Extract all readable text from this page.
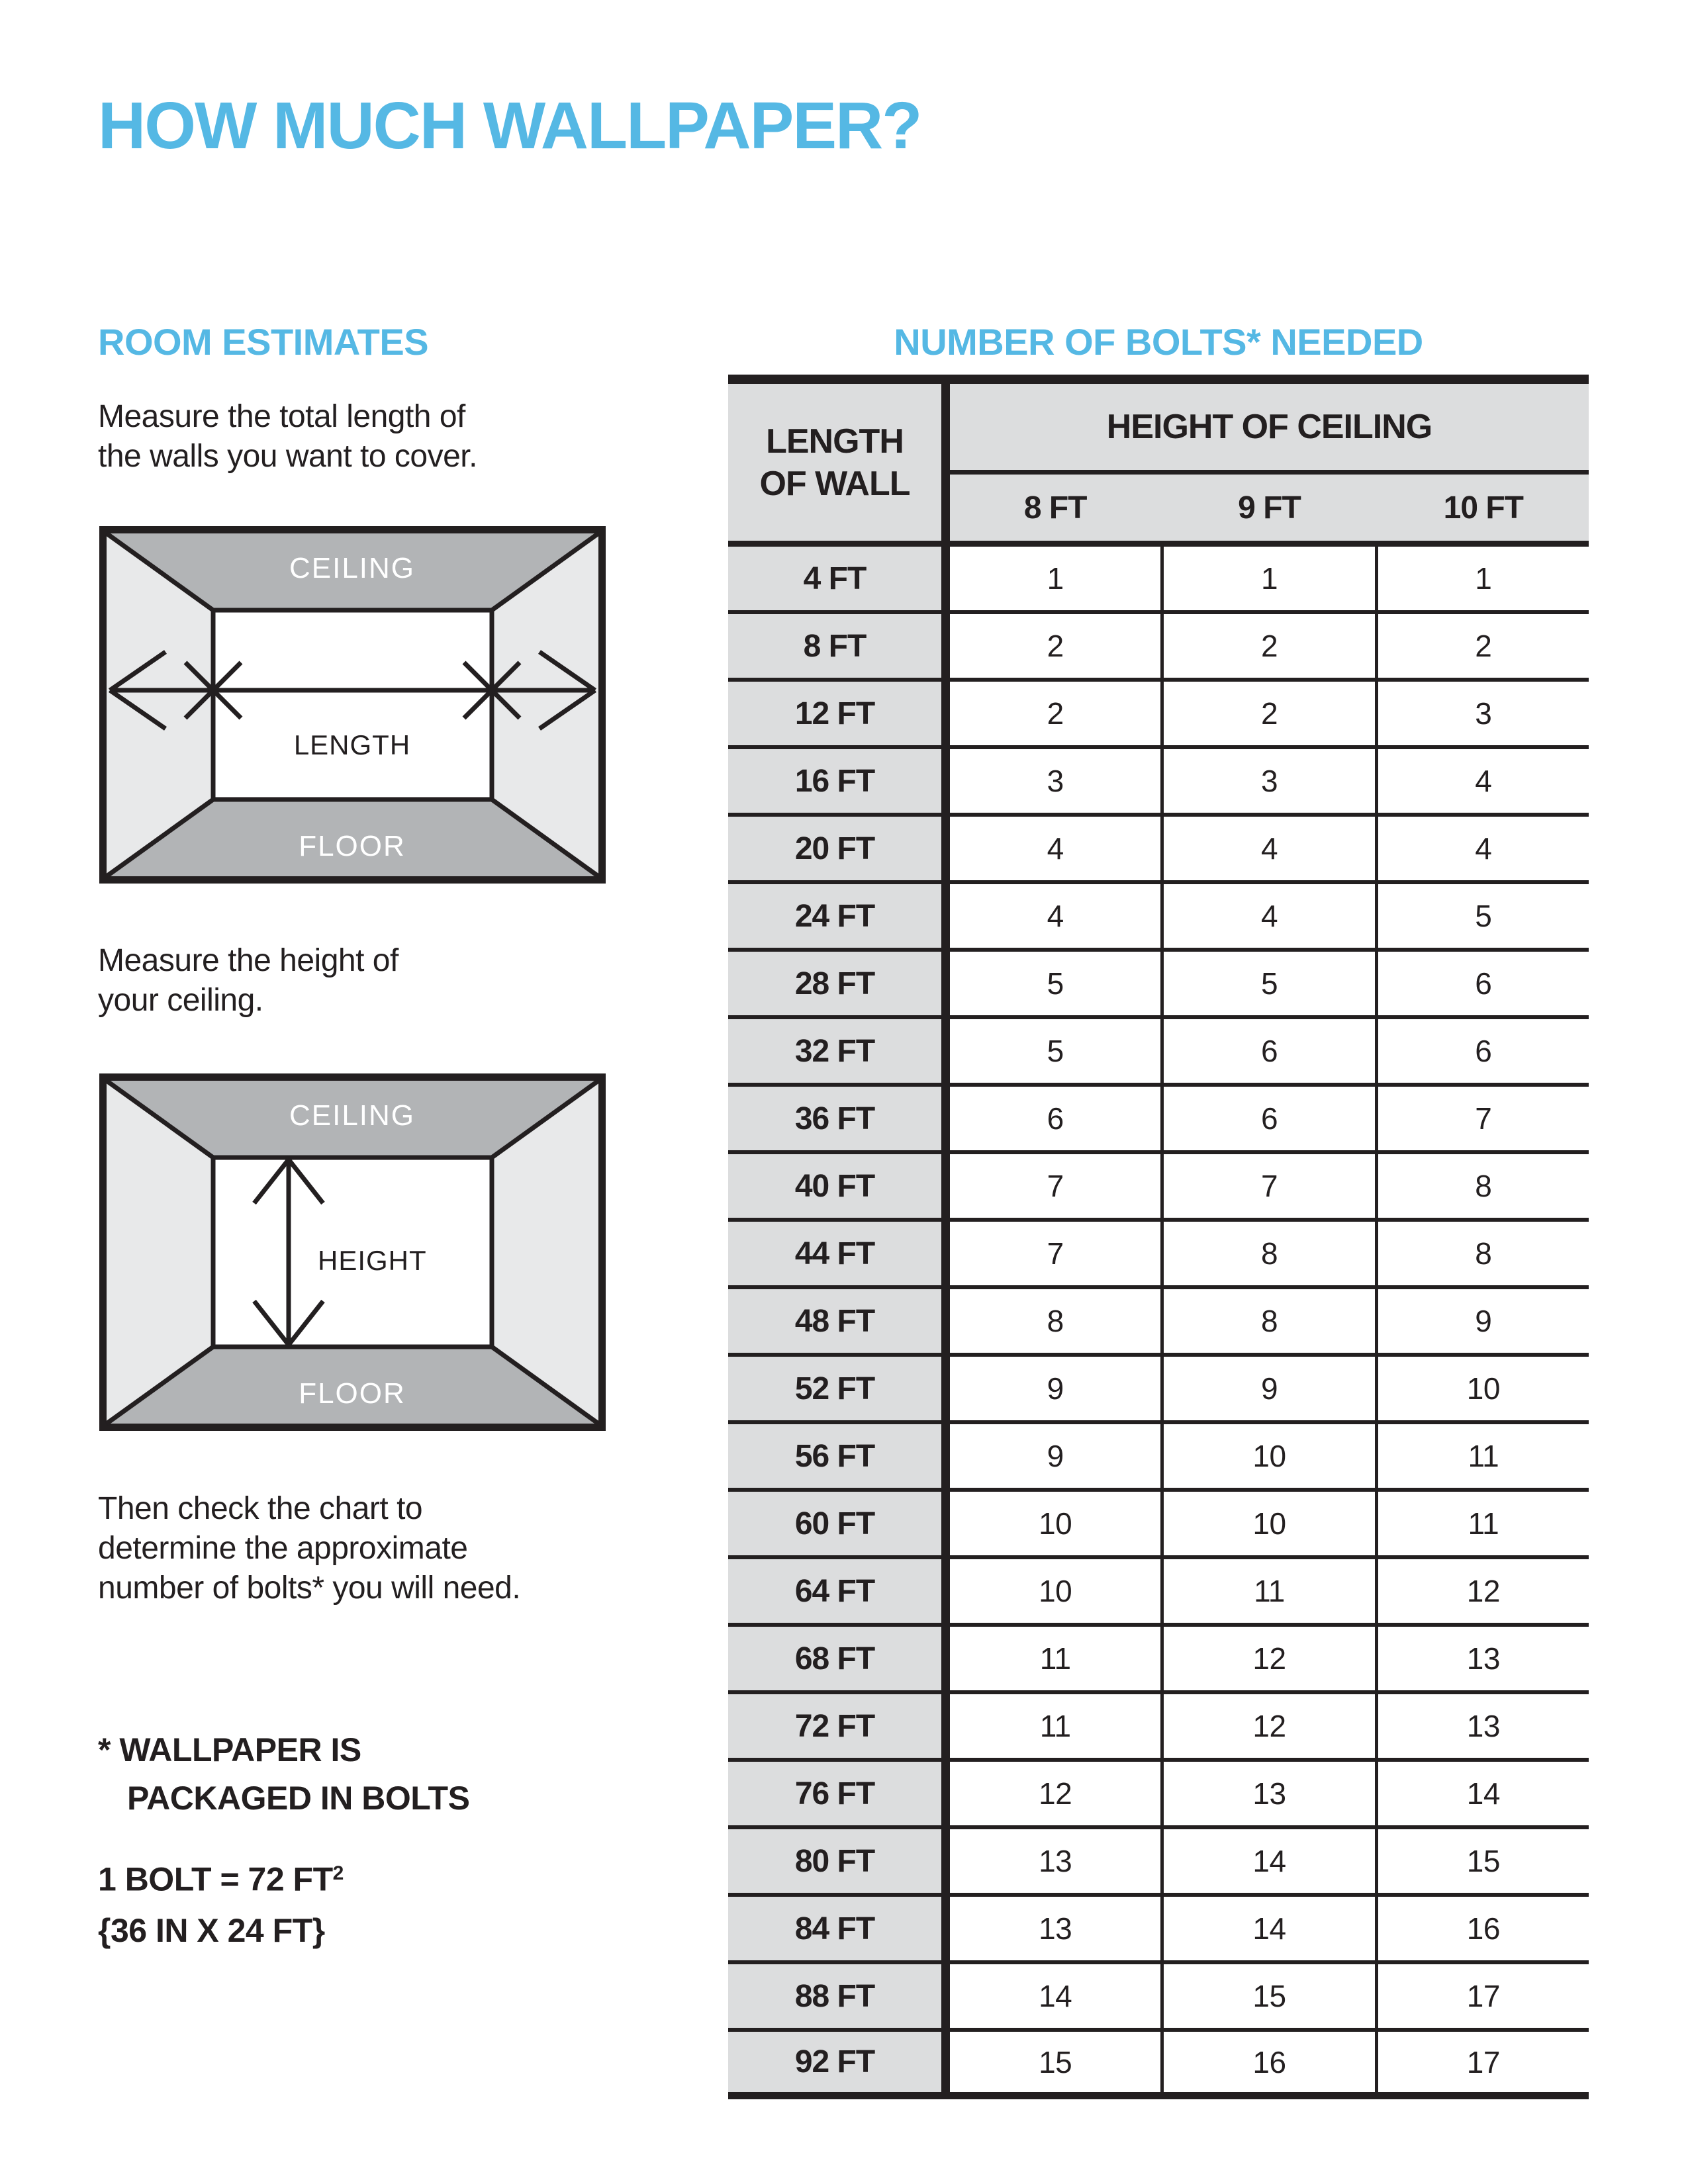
HOW MUCH WALLPAPER?
ROOM ESTIMATES
Measure the total length of
the walls you want to cover.
CEILING
FLOOR
LENGTH
Measure the height of
your ceiling.
CEILING
FLOOR
HEIGHT
Then check the chart to
determine the approximate
number of bolts* you will need.
* WALLPAPER IS
PACKAGED IN BOLTS
1 BOLT = 72 $FT^2$
{36 IN X 24 FT}
NUMBER OF BOLTS* NEEDED
LENGTH
OF WALL
HEIGHT OF CEILING
8 FT	9 FT	10 FT
4 FT	1	1	1
8 FT	2	2	2
12 FT	2	2	3
16 FT	3	3	4
20 FT	4	4	4
24 FT	4	4	5
28 FT	5	5	6
32 FT	5	6	6
36 FT	6	6	7
40 FT	7	7	8
44 FT	7	8	8
48 FT	8	8	9
52 FT	9	9	10
56 FT	9	10	11
60 FT	10	10	11
64 FT	10	11	12
68 FT	11	12	13
72 FT	11	12	13
76 FT	12	13	14
80 FT	13	14	15
84 FT	13	14	16
88 FT	14	15	17
92 FT	15	16	17
